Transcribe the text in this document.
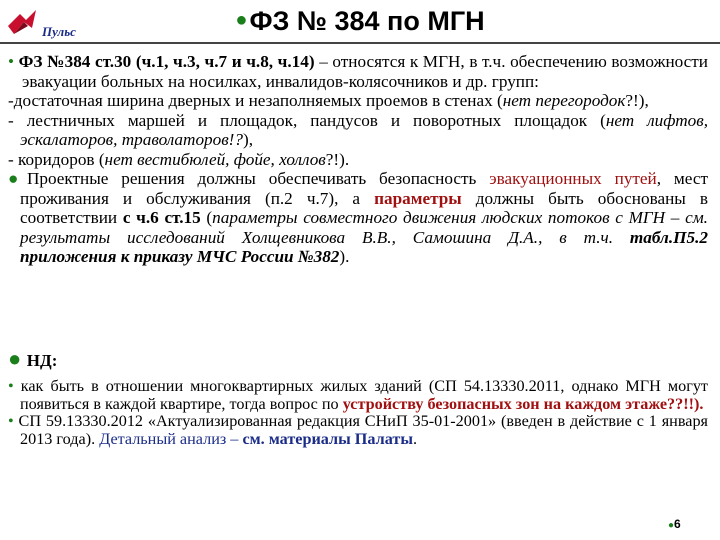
Пульс
●ФЗ № 384 по МГН

• ФЗ №384 ст.30 (ч.1, ч.3, ч.7 и ч.8, ч.14) – относятся к МГН, в т.ч. обеспечению возможности эвакуации больных на носилках, инвалидов-колясочников и др. групп:

-достаточная ширина дверных и незаполняемых проемов в стенах (нет перегородок?!),

- лестничных маршей и площадок, пандусов и поворотных площадок (нет лифтов, эскалаторов, траволаторов!?),

- коридоров (нет вестибюлей, фойе, холлов?!).

●Проектные решения должны обеспечивать безопасность эвакуационных путей, мест проживания и обслуживания (п.2 ч.7), а параметры должны быть обоснованы в соответствии с ч.6 ст.15 (параметры совместного движения людских потоков с МГН – см. результаты исследований Холщевникова В.В., Самошина Д.А., в т.ч. табл.П5.2 приложения к приказу МЧС России №382).

● НД:

• как быть в отношении многоквартирных жилых зданий (СП 54.13330.2011, однако МГН могут появиться в каждой квартире, тогда вопрос по устройству безопасных зон на каждом этаже??!!).

• СП 59.13330.2012 «Актуализированная редакция СНиП 35-01-2001» (введен в действие с 1 января 2013 года). Детальный анализ – см. материалы Палаты.

●6
